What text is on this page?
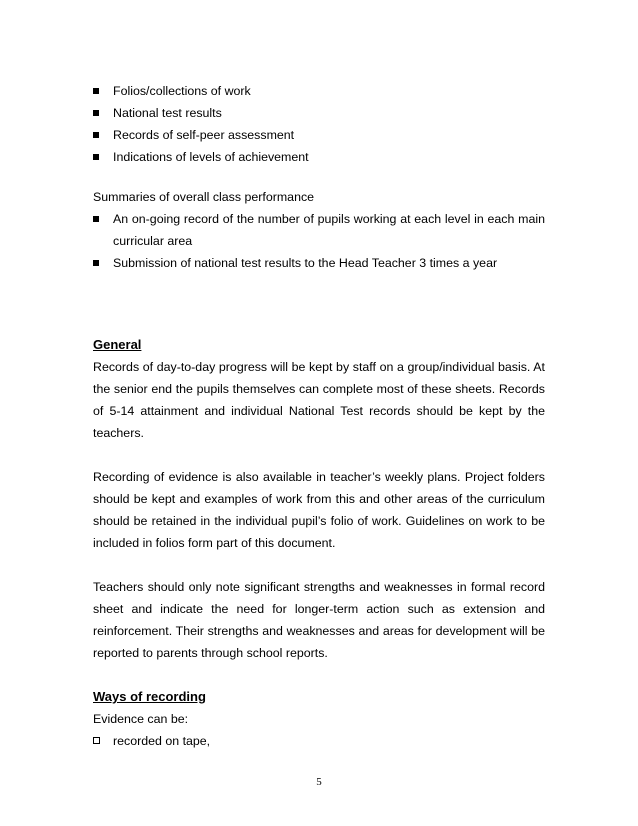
Folios/collections of work
National test results
Records of self-peer assessment
Indications of levels of achievement

Summaries of overall class performance

An on-going record of the number of pupils working at each level in each main curricular area
Submission of national test results to the Head Teacher 3 times a year

General

Records of day-to-day progress will be kept by staff on a group/individual basis. At the senior end the pupils themselves can complete most of these sheets. Records of 5-14 attainment and individual National Test records should be kept by the teachers.

Recording of evidence is also available in teacher’s weekly plans. Project folders should be kept and examples of work from this and other areas of the curriculum should be retained in the individual pupil’s folio of work. Guidelines on work to be included in folios form part of this document.

Teachers should only note significant strengths and weaknesses in formal record sheet and indicate the need for longer-term action such as extension and reinforcement. Their strengths and weaknesses and areas for development will be reported to parents through school reports.

Ways of recording

Evidence can be:

recorded on tape,
5
